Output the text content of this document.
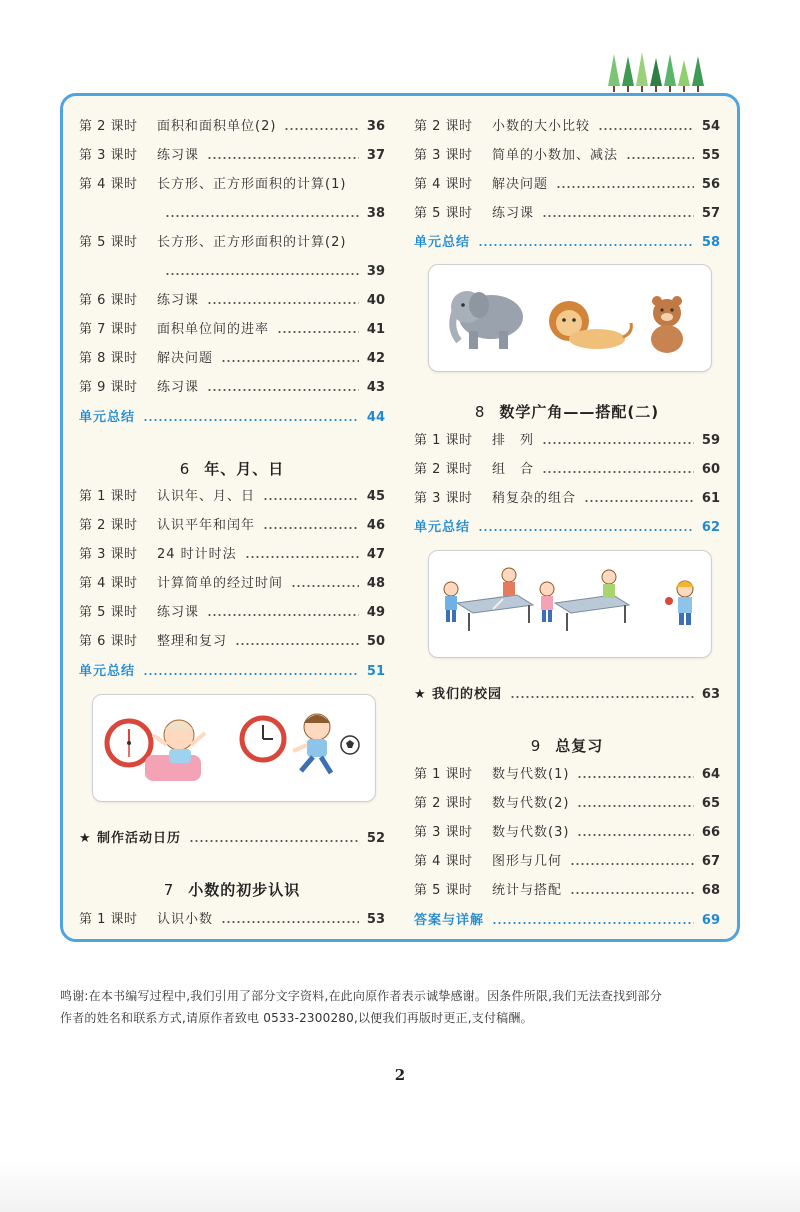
第 2 课时	面积和面积单位(2)	36
第 3 课时	练习课	37
第 4 课时	长方形、正方形面积的计算(1)
38
第 5 课时	长方形、正方形面积的计算(2)
39
第 6 课时	练习课	40
第 7 课时	面积单位间的进率	41
第 8 课时	解决问题	42
第 9 课时	练习课	43
单元总结	44
6 年、月、日
第 1 课时	认识年、月、日	45
第 2 课时	认识平年和闰年	46
第 3 课时	24 时计时法	47
第 4 课时	计算简单的经过时间	48
第 5 课时	练习课	49
第 6 课时	整理和复习	50
单元总结	51
★ 制作活动日历	52
7 小数的初步认识
第 1 课时	认识小数	53
第 2 课时	小数的大小比较	54
第 3 课时	简单的小数加、减法	55
第 4 课时	解决问题	56
第 5 课时	练习课	57
单元总结	58
8 数学广角——搭配(二)
第 1 课时	排　列	59
第 2 课时	组　合	60
第 3 课时	稍复杂的组合	61
单元总结	62
★ 我们的校园	63
9 总复习
第 1 课时	数与代数(1)	64
第 2 课时	数与代数(2)	65
第 3 课时	数与代数(3)	66
第 4 课时	图形与几何	67
第 5 课时	统计与搭配	68
答案与详解	69
鸣谢:在本书编写过程中,我们引用了部分文字资料,在此向原作者表示诚挚感谢。因条件所限,我们无法查找到部分
作者的姓名和联系方式,请原作者致电 0533-2300280,以便我们再版时更正,支付稿酬。
2
